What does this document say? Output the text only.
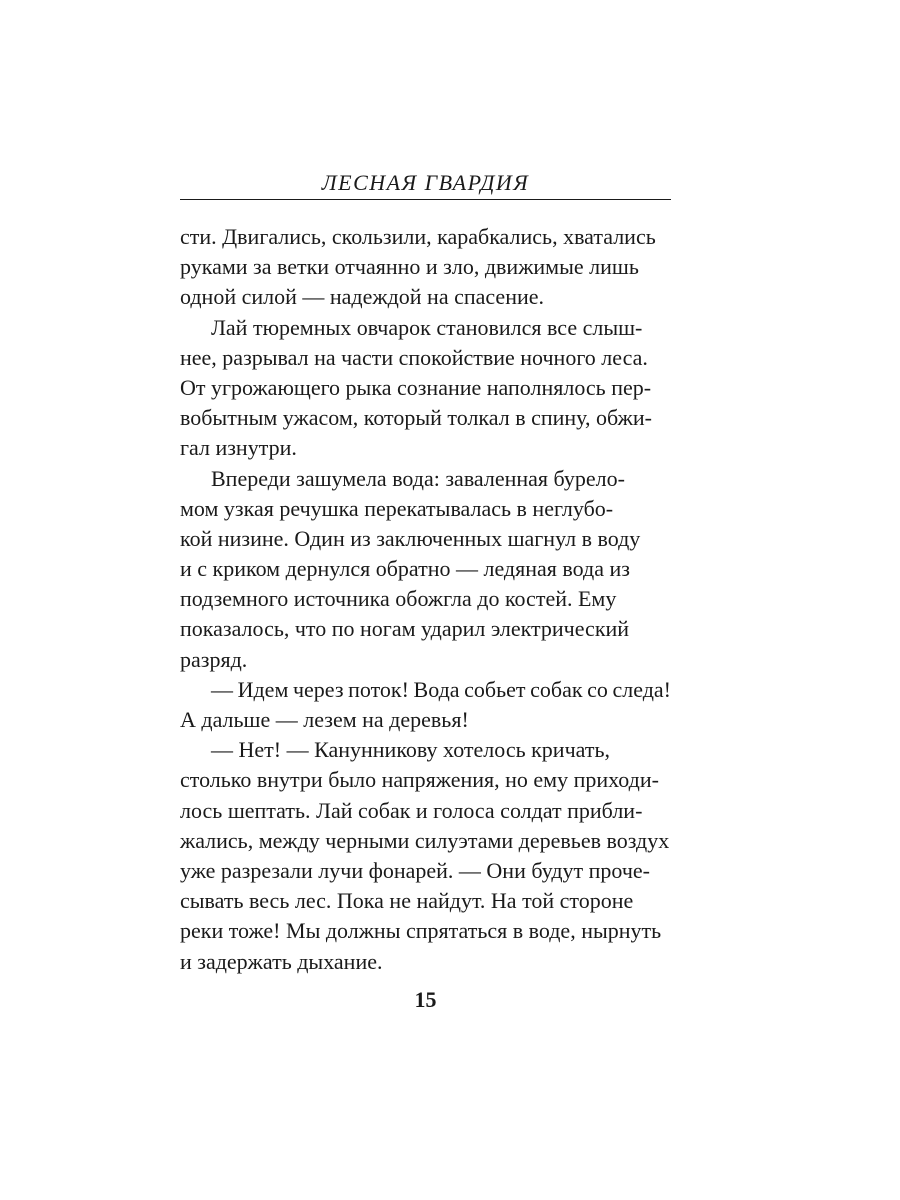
ЛЕСНАЯ ГВАРДИЯ
сти. Двигались, скользили, карабкались, хватались
руками за ветки отчаянно и зло, движимые лишь
одной силой — надеждой на спасение.
Лай тюремных овчарок становился все слыш-
нее, разрывал на части спокойствие ночного леса.
От угрожающего рыка сознание наполнялось пер-
вобытным ужасом, который толкал в спину, обжи-
гал изнутри.
Впереди зашумела вода: заваленная бурело-
мом узкая речушка перекатывалась в неглубо-
кой низине. Один из заключенных шагнул в воду
и с криком дернулся обратно — ледяная вода из
подземного источника обожгла до костей. Ему
показалось, что по ногам ударил электрический
разряд.
— Идем через поток! Вода собьет собак со следа!
А дальше — лезем на деревья!
— Нет! — Канунникову хотелось кричать,
столько внутри было напряжения, но ему приходи-
лось шептать. Лай собак и голоса солдат прибли-
жались, между черными силуэтами деревьев воздух
уже разрезали лучи фонарей. — Они будут проче-
сывать весь лес. Пока не найдут. На той стороне
реки тоже! Мы должны спрятаться в воде, нырнуть
и задержать дыхание.
15
